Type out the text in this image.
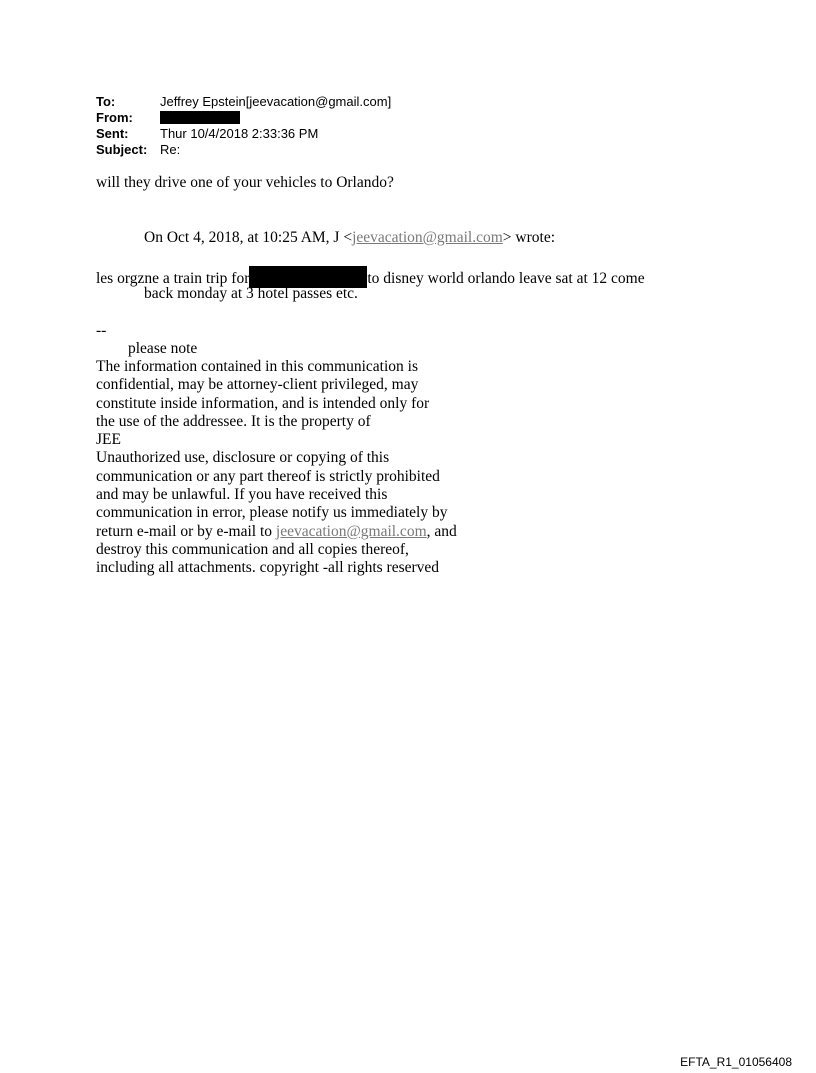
To:	Jeffrey Epstein[jeevacation@gmail.com]
From:
Sent:	Thur 10/4/2018 2:33:36 PM
Subject: Re:
will they drive one of your vehicles to Orlando?
On Oct 4, 2018, at 10:25 AM, J <jeevacation@gmail.com> wrote:
les orgzne a train trip for	to disney world orlando leave sat at 12 come
back monday at 3 hotel passes etc.
--
please note
The information contained in this communication is
confidential, may be attorney-client privileged, may
constitute inside information, and is intended only for
the use of the addressee. It is the property of
JEE
Unauthorized use, disclosure or copying of this
communication or any part thereof is strictly prohibited
and may be unlawful. If you have received this
communication in error, please notify us immediately by
return e-mail or by e-mail to jeevacation@gmail.com, and
destroy this communication and all copies thereof,
including all attachments. copyright -all rights reserved
EFTA_R1_01056408
